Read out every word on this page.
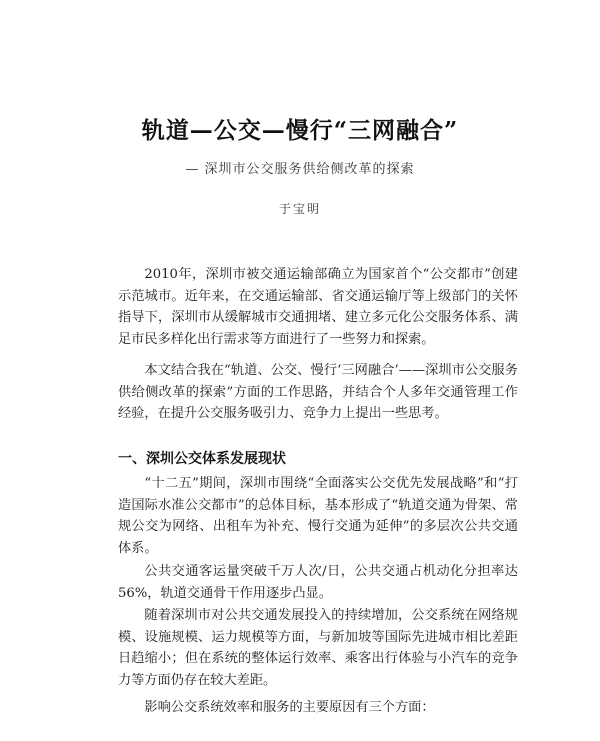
轨道—公交—慢行“三网融合”
— 深圳市公交服务供给侧改革的探索
于宝明
2010年，深圳市被交通运输部确立为国家首个“公交都市”创建示范城市。近年来，在交通运输部、省交通运输厅等上级部门的关怀指导下，深圳市从缓解城市交通拥堵、建立多元化公交服务体系、满足市民多样化出行需求等方面进行了一些努力和探索。
本文结合我在“轨道、公交、慢行‘三网融合’——深圳市公交服务供给侧改革的探索”方面的工作思路，并结合个人多年交通管理工作经验，在提升公交服务吸引力、竞争力上提出一些思考。
一、深圳公交体系发展现状
“十二五”期间，深圳市围绕“全面落实公交优先发展战略”和“打造国际水准公交都市”的总体目标，基本形成了“轨道交通为骨架、常规公交为网络、出租车为补充、慢行交通为延伸”的多层次公共交通体系。
公共交通客运量突破千万人次/日，公共交通占机动化分担率达56%，轨道交通骨干作用逐步凸显。
随着深圳市对公共交通发展投入的持续增加，公交系统在网络规模、设施规模、运力规模等方面，与新加坡等国际先进城市相比差距日趋缩小；但在系统的整体运行效率、乘客出行体验与小汽车的竞争力等方面仍存在较大差距。
影响公交系统效率和服务的主要原因有三个方面：
